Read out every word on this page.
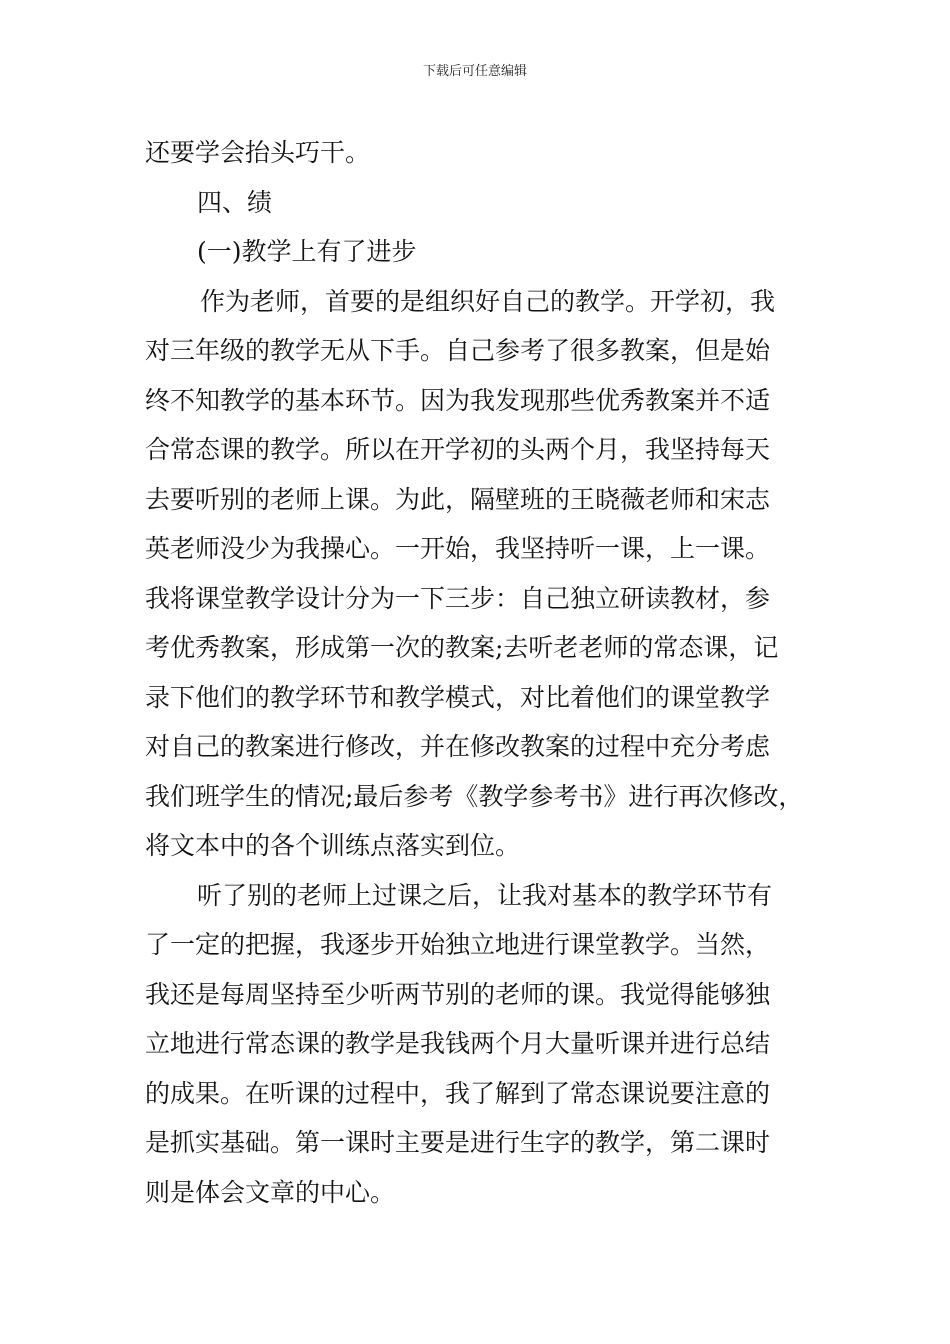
下载后可任意编辑
还要学会抬头巧干。
四、绩
(一)教学上有了进步
作为老师，首要的是组织好自己的教学。开学初，我
对三年级的教学无从下手。自己参考了很多教案，但是始
终不知教学的基本环节。因为我发现那些优秀教案并不适
合常态课的教学。所以在开学初的头两个月，我坚持每天
去要听别的老师上课。为此，隔壁班的王晓薇老师和宋志
英老师没少为我操心。一开始，我坚持听一课，上一课。
我将课堂教学设计分为一下三步：自己独立研读教材，参
考优秀教案，形成第一次的教案;去听老老师的常态课，记
录下他们的教学环节和教学模式，对比着他们的课堂教学
对自己的教案进行修改，并在修改教案的过程中充分考虑
我们班学生的情况;最后参考《教学参考书》进行再次修改，
将文本中的各个训练点落实到位。
听了别的老师上过课之后，让我对基本的教学环节有
了一定的把握，我逐步开始独立地进行课堂教学。当然，
我还是每周坚持至少听两节别的老师的课。我觉得能够独
立地进行常态课的教学是我钱两个月大量听课并进行总结
的成果。在听课的过程中，我了解到了常态课说要注意的
是抓实基础。第一课时主要是进行生字的教学，第二课时
则是体会文章的中心。
